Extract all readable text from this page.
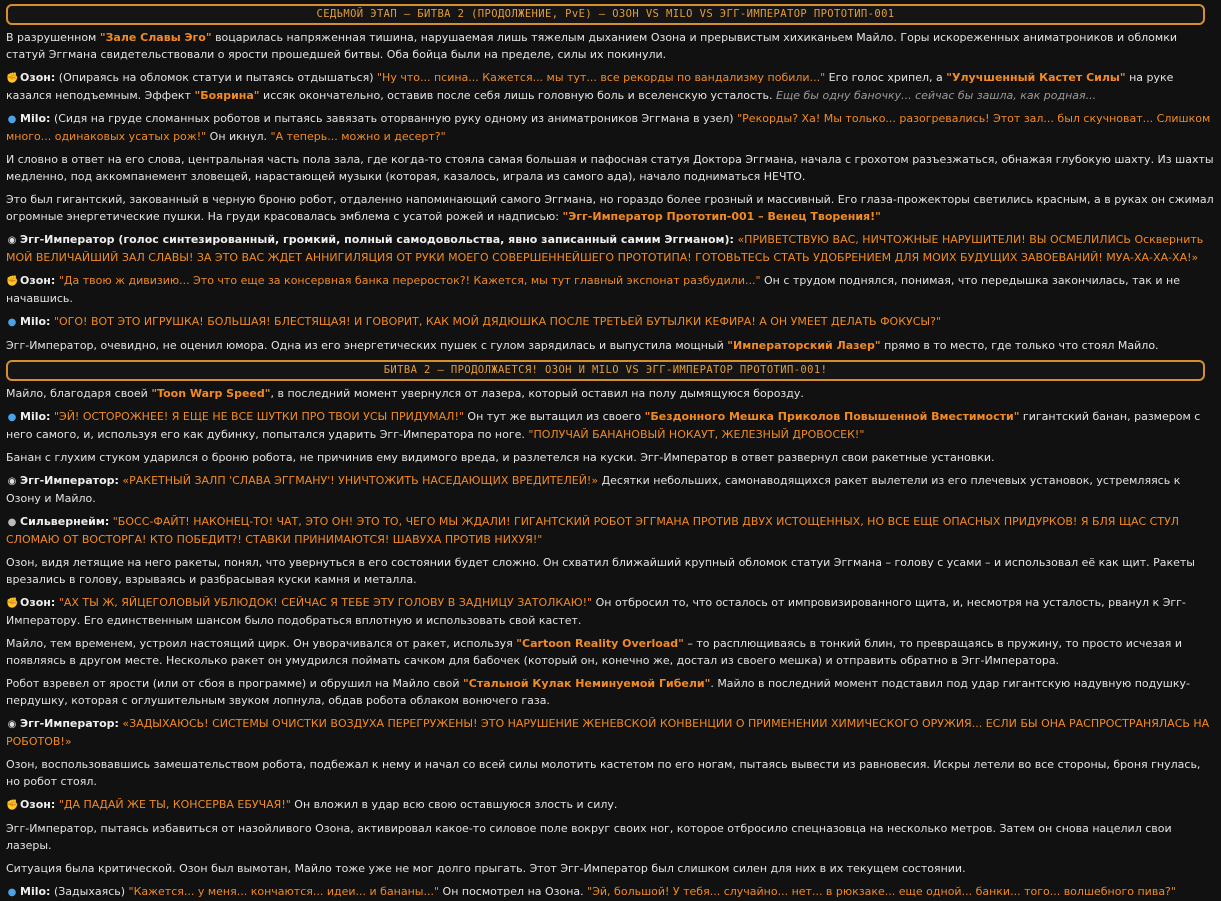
СЕДЬМОЙ ЭТАП – БИТВА 2 (ПРОДОЛЖЕНИЕ, PvE) – ОЗОН VS MILO VS ЭГГ-ИМПЕРАТОР ПРОТОТИП-001

В разрушенном "Зале Славы Эго" воцарилась напряженная тишина, нарушаемая лишь тяжелым дыханием Озона и прерывистым хихиканьем Майло. Горы искореженных аниматроников и обломки статуй Эггмана свидетельствовали о ярости прошедшей битвы. Оба бойца были на пределе, силы их покинули.

✊ Озон: (Опираясь на обломок статуи и пытаясь отдышаться) "Ну что... псина... Кажется... мы тут... все рекорды по вандализму побили..." Его голос хрипел, а "Улучшенный Кастет Силы" на руке казался неподъемным. Эффект "Боярина" иссяк окончательно, оставив после себя лишь головную боль и вселенскую усталость. Еще бы одну баночку... сейчас бы зашла, как родная...

● Milo: (Сидя на груде сломанных роботов и пытаясь завязать оторванную руку одному из аниматроников Эггмана в узел) "Рекорды? Ха! Мы только... разогревались! Этот зал... был скучноват... Слишком много... одинаковых усатых рож!" Он икнул. "А теперь... можно и десерт?"

И словно в ответ на его слова, центральная часть пола зала, где когда-то стояла самая большая и пафосная статуя Доктора Эггмана, начала с грохотом разъезжаться, обнажая глубокую шахту. Из шахты медленно, под аккомпанемент зловещей, нарастающей музыки (которая, казалось, играла из самого ада), начало подниматься НЕЧТО.

Это был гигантский, закованный в черную броню робот, отдаленно напоминающий самого Эггмана, но гораздо более грозный и массивный. Его глаза-прожекторы светились красным, а в руках он сжимал огромные энергетические пушки. На груди красовалась эмблема с усатой рожей и надписью: "Эгг-Император Прототип-001 – Венец Творения!"

◉ Эгг-Император (голос синтезированный, громкий, полный самодовольства, явно записанный самим Эггманом): «ПРИВЕТСТВУЮ ВАС, НИЧТОЖНЫЕ НАРУШИТЕЛИ! ВЫ ОСМЕЛИЛИСЬ Осквернить МОЙ ВЕЛИЧАЙШИЙ ЗАЛ СЛАВЫ! ЗА ЭТО ВАС ЖДЕТ АННИГИЛЯЦИЯ ОТ РУКИ МОЕГО СОВЕРШЕННЕЙШЕГО ПРОТОТИПА! ГОТОВЬТЕСЬ СТАТЬ УДОБРЕНИЕМ ДЛЯ МОИХ БУДУЩИХ ЗАВОЕВАНИЙ! МУА-ХА-ХА-ХА!»

✊ Озон: "Да твою ж дивизию... Это что еще за консервная банка переросток?! Кажется, мы тут главный экспонат разбудили..." Он с трудом поднялся, понимая, что передышка закончилась, так и не начавшись.

● Milo: "ОГО! ВОТ ЭТО ИГРУШКА! БОЛЬШАЯ! БЛЕСТЯЩАЯ! И ГОВОРИТ, КАК МОЙ ДЯДЮШКА ПОСЛЕ ТРЕТЬЕЙ БУТЫЛКИ КЕФИРА! А ОН УМЕЕТ ДЕЛАТЬ ФОКУСЫ?"

Эгг-Император, очевидно, не оценил юмора. Одна из его энергетических пушек с гулом зарядилась и выпустила мощный "Императорский Лазер" прямо в то место, где только что стоял Майло.

БИТВА 2 – ПРОДОЛЖАЕТСЯ! ОЗОН И MILO VS ЭГГ-ИМПЕРАТОР ПРОТОТИП-001!

Майло, благодаря своей "Toon Warp Speed", в последний момент увернулся от лазера, который оставил на полу дымящуюся борозду.

● Milo: "ЭЙ! ОСТОРОЖНЕЕ! Я ЕЩЕ НЕ ВСЕ ШУТКИ ПРО ТВОИ УСЫ ПРИДУМАЛ!" Он тут же вытащил из своего "Бездонного Мешка Приколов Повышенной Вместимости" гигантский банан, размером с него самого, и, используя его как дубинку, попытался ударить Эгг-Императора по ноге. "ПОЛУЧАЙ БАНАНОВЫЙ НОКАУТ, ЖЕЛЕЗНЫЙ ДРОВОСЕК!"

Банан с глухим стуком ударился о броню робота, не причинив ему видимого вреда, и разлетелся на куски. Эгг-Император в ответ развернул свои ракетные установки.

◉ Эгг-Император: «РАКЕТНЫЙ ЗАЛП 'СЛАВА ЭГГМАНУ'! УНИЧТОЖИТЬ НАСЕДАЮЩИХ ВРЕДИТЕЛЕЙ!» Десятки небольших, самонаводящихся ракет вылетели из его плечевых установок, устремляясь к Озону и Майло.

● Сильвернейм: "БОСС-ФАЙТ! НАКОНЕЦ-ТО! ЧАТ, ЭТО ОН! ЭТО ТО, ЧЕГО МЫ ЖДАЛИ! ГИГАНТСКИЙ РОБОТ ЭГГМАНА ПРОТИВ ДВУХ ИСТОЩЕННЫХ, НО ВСЕ ЕЩЕ ОПАСНЫХ ПРИДУРКОВ! Я БЛЯ ЩАС СТУЛ СЛОМАЮ ОТ ВОСТОРГА! КТО ПОБЕДИТ?! СТАВКИ ПРИНИМАЮТСЯ! ШАВУХА ПРОТИВ НИХУЯ!"

Озон, видя летящие на него ракеты, понял, что увернуться в его состоянии будет сложно. Он схватил ближайший крупный обломок статуи Эггмана – голову с усами – и использовал её как щит. Ракеты врезались в голову, взрываясь и разбрасывая куски камня и металла.

✊ Озон: "АХ ТЫ Ж, ЯЙЦЕГОЛОВЫЙ УБЛЮДОК! СЕЙЧАС Я ТЕБЕ ЭТУ ГОЛОВУ В ЗАДНИЦУ ЗАТОЛКАЮ!" Он отбросил то, что осталось от импровизированного щита, и, несмотря на усталость, рванул к Эгг-Императору. Его единственным шансом было подобраться вплотную и использовать свой кастет.

Майло, тем временем, устроил настоящий цирк. Он уворачивался от ракет, используя "Cartoon Reality Overload" – то расплющиваясь в тонкий блин, то превращаясь в пружину, то просто исчезая и появляясь в другом месте. Несколько ракет он умудрился поймать сачком для бабочек (который он, конечно же, достал из своего мешка) и отправить обратно в Эгг-Императора.

Робот взревел от ярости (или от сбоя в программе) и обрушил на Майло свой "Стальной Кулак Неминуемой Гибели". Майло в последний момент подставил под удар гигантскую надувную подушку-пердушку, которая с оглушительным звуком лопнула, обдав робота облаком вонючего газа.

◉ Эгг-Император: «ЗАДЫХАЮСЬ! СИСТЕМЫ ОЧИСТКИ ВОЗДУХА ПЕРЕГРУЖЕНЫ! ЭТО НАРУШЕНИЕ ЖЕНЕВСКОЙ КОНВЕНЦИИ О ПРИМЕНЕНИИ ХИМИЧЕСКОГО ОРУЖИЯ... ЕСЛИ БЫ ОНА РАСПРОСТРАНЯЛАСЬ НА РОБОТОВ!»

Озон, воспользовавшись замешательством робота, подбежал к нему и начал со всей силы молотить кастетом по его ногам, пытаясь вывести из равновесия. Искры летели во все стороны, броня гнулась, но робот стоял.

✊ Озон: "ДА ПАДАЙ ЖЕ ТЫ, КОНСЕРВА ЕБУЧАЯ!" Он вложил в удар всю свою оставшуюся злость и силу.

Эгг-Император, пытаясь избавиться от назойливого Озона, активировал какое-то силовое поле вокруг своих ног, которое отбросило спецназовца на несколько метров. Затем он снова нацелил свои лазеры.

Ситуация была критической. Озон был вымотан, Майло тоже уже не мог долго прыгать. Этот Эгг-Император был слишком силен для них в их текущем состоянии.

● Milo: (Задыхаясь) "Кажется... у меня... кончаются... идеи... и бананы..." Он посмотрел на Озона. "Эй, большой! У тебя... случайно... нет... в рюкзаке... еще одной... банки... того... волшебного пива?"
